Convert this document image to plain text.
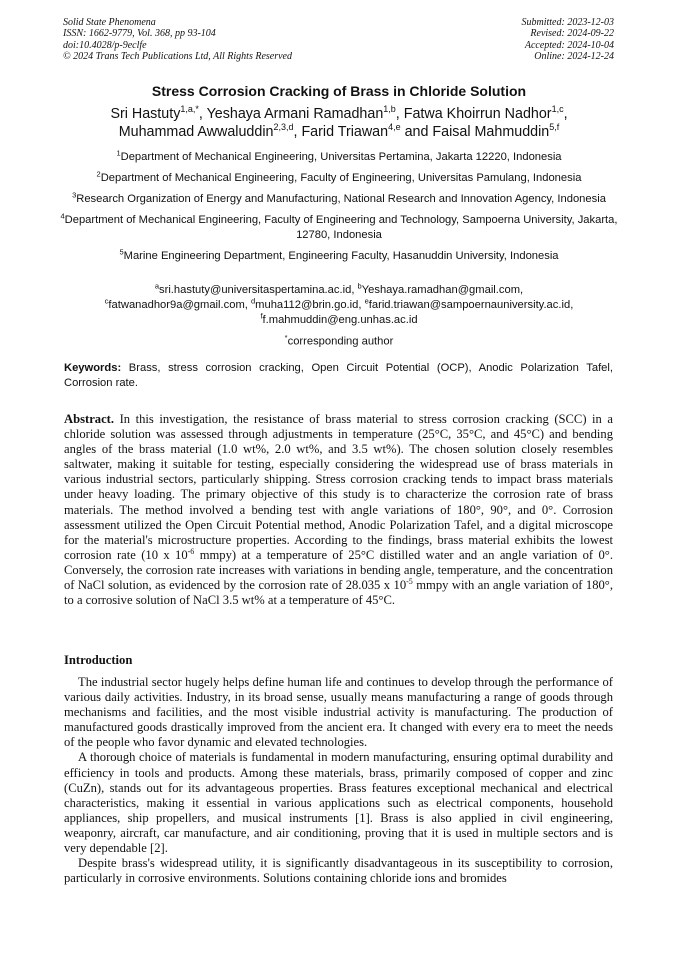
Solid State Phenomena
ISSN: 1662-9779, Vol. 368, pp 93-104
doi:10.4028/p-9eclfe
© 2024 Trans Tech Publications Ltd, All Rights Reserved
Submitted: 2023-12-03
Revised: 2024-09-22
Accepted: 2024-10-04
Online: 2024-12-24
Stress Corrosion Cracking of Brass in Chloride Solution
Sri Hastuty$^{1,a,*}$, Yeshaya Armani Ramadhan$^{1,b}$, Fatwa Khoirrun Nadhor$^{1,c}$,
Muhammad Awwaluddin$^{2,3,d}$, Farid Triawan$^{4,e}$ and Faisal Mahmuddin$^{5,f}$
$^1$Department of Mechanical Engineering, Universitas Pertamina, Jakarta 12220, Indonesia
$^2$Department of Mechanical Engineering, Faculty of Engineering, Universitas Pamulang, Indonesia
$^3$Research Organization of Energy and Manufacturing, National Research and Innovation Agency, Indonesia
$^4$Department of Mechanical Engineering, Faculty of Engineering and Technology, Sampoerna University, Jakarta, 12780, Indonesia
$^5$Marine Engineering Department, Engineering Faculty, Hasanuddin University, Indonesia
$^a$sri.hastuty@universitaspertamina.ac.id, $^b$Yeshaya.ramadhan@gmail.com,
$^c$fatwanadhor9a@gmail.com, $^d$muha112@brin.go.id, $^e$farid.triawan@sampoernauniversity.ac.id,
$^f$f.mahmuddin@eng.unhas.ac.id
*corresponding author
Keywords: Brass, stress corrosion cracking, Open Circuit Potential (OCP), Anodic Polarization Tafel, Corrosion rate.
Abstract. In this investigation, the resistance of brass material to stress corrosion cracking (SCC) in a chloride solution was assessed through adjustments in temperature (25°C, 35°C, and 45°C) and bending angles of the brass material (1.0 wt%, 2.0 wt%, and 3.5 wt%). The chosen solution closely resembles saltwater, making it suitable for testing, especially considering the widespread use of brass materials in various industrial sectors, particularly shipping. Stress corrosion cracking tends to impact brass materials under heavy loading. The primary objective of this study is to characterize the corrosion rate of brass materials. The method involved a bending test with angle variations of 180°, 90°, and 0°. Corrosion assessment utilized the Open Circuit Potential method, Anodic Polarization Tafel, and a digital microscope for the material's microstructure properties. According to the findings, brass material exhibits the lowest corrosion rate (10 x $10^{-6}$ mmpy) at a temperature of 25°C distilled water and an angle variation of 0°. Conversely, the corrosion rate increases with variations in bending angle, temperature, and the concentration of NaCl solution, as evidenced by the corrosion rate of 28.035 x $10^{-5}$ mmpy with an angle variation of 180°, to a corrosive solution of NaCl 3.5 wt% at a temperature of 45°C.
Introduction

The industrial sector hugely helps define human life and continues to develop through the performance of various daily activities. Industry, in its broad sense, usually means manufacturing a range of goods through mechanisms and facilities, and the most visible industrial activity is manufacturing. The production of manufactured goods drastically improved from the ancient era. It changed with every era to meet the needs of the people who favor dynamic and elevated technologies.

A thorough choice of materials is fundamental in modern manufacturing, ensuring optimal durability and efficiency in tools and products. Among these materials, brass, primarily composed of copper and zinc (CuZn), stands out for its advantageous properties. Brass features exceptional mechanical and electrical characteristics, making it essential in various applications such as electrical components, household appliances, ship propellers, and musical instruments [1]. Brass is also applied in civil engineering, weaponry, aircraft, car manufacture, and air conditioning, proving that it is used in multiple sectors and is very dependable [2].

Despite brass's widespread utility, it is significantly disadvantageous in its susceptibility to corrosion, particularly in corrosive environments. Solutions containing chloride ions and bromides
